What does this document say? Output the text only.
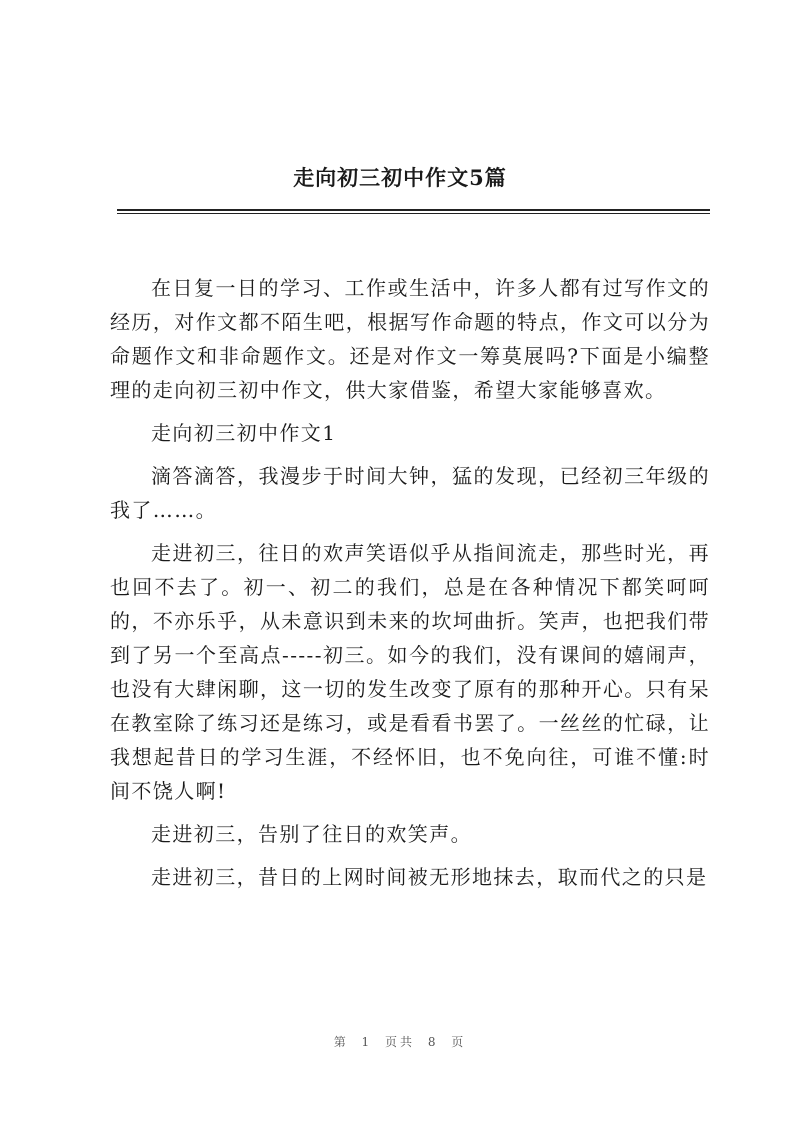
走向初三初中作文5篇

在日复一日的学习、工作或生活中，许多人都有过写作文的经历，对作文都不陌生吧，根据写作命题的特点，作文可以分为命题作文和非命题作文。还是对作文一筹莫展吗?下面是小编整理的走向初三初中作文，供大家借鉴，希望大家能够喜欢。

走向初三初中作文1

滴答滴答，我漫步于时间大钟，猛的发现，已经初三年级的我了……。

走进初三，往日的欢声笑语似乎从指间流走，那些时光，再也回不去了。初一、初二的我们，总是在各种情况下都笑呵呵的，不亦乐乎，从未意识到未来的坎坷曲折。笑声，也把我们带到了另一个至高点-----初三。如今的我们，没有课间的嬉闹声，也没有大肆闲聊，这一切的发生改变了原有的那种开心。只有呆在教室除了练习还是练习，或是看看书罢了。一丝丝的忙碌，让我想起昔日的学习生涯，不经怀旧，也不免向往，可谁不懂:时间不饶人啊!

走进初三，告别了往日的欢笑声。

走进初三，昔日的上网时间被无形地抹去，取而代之的只是

第 1 页共 8 页
